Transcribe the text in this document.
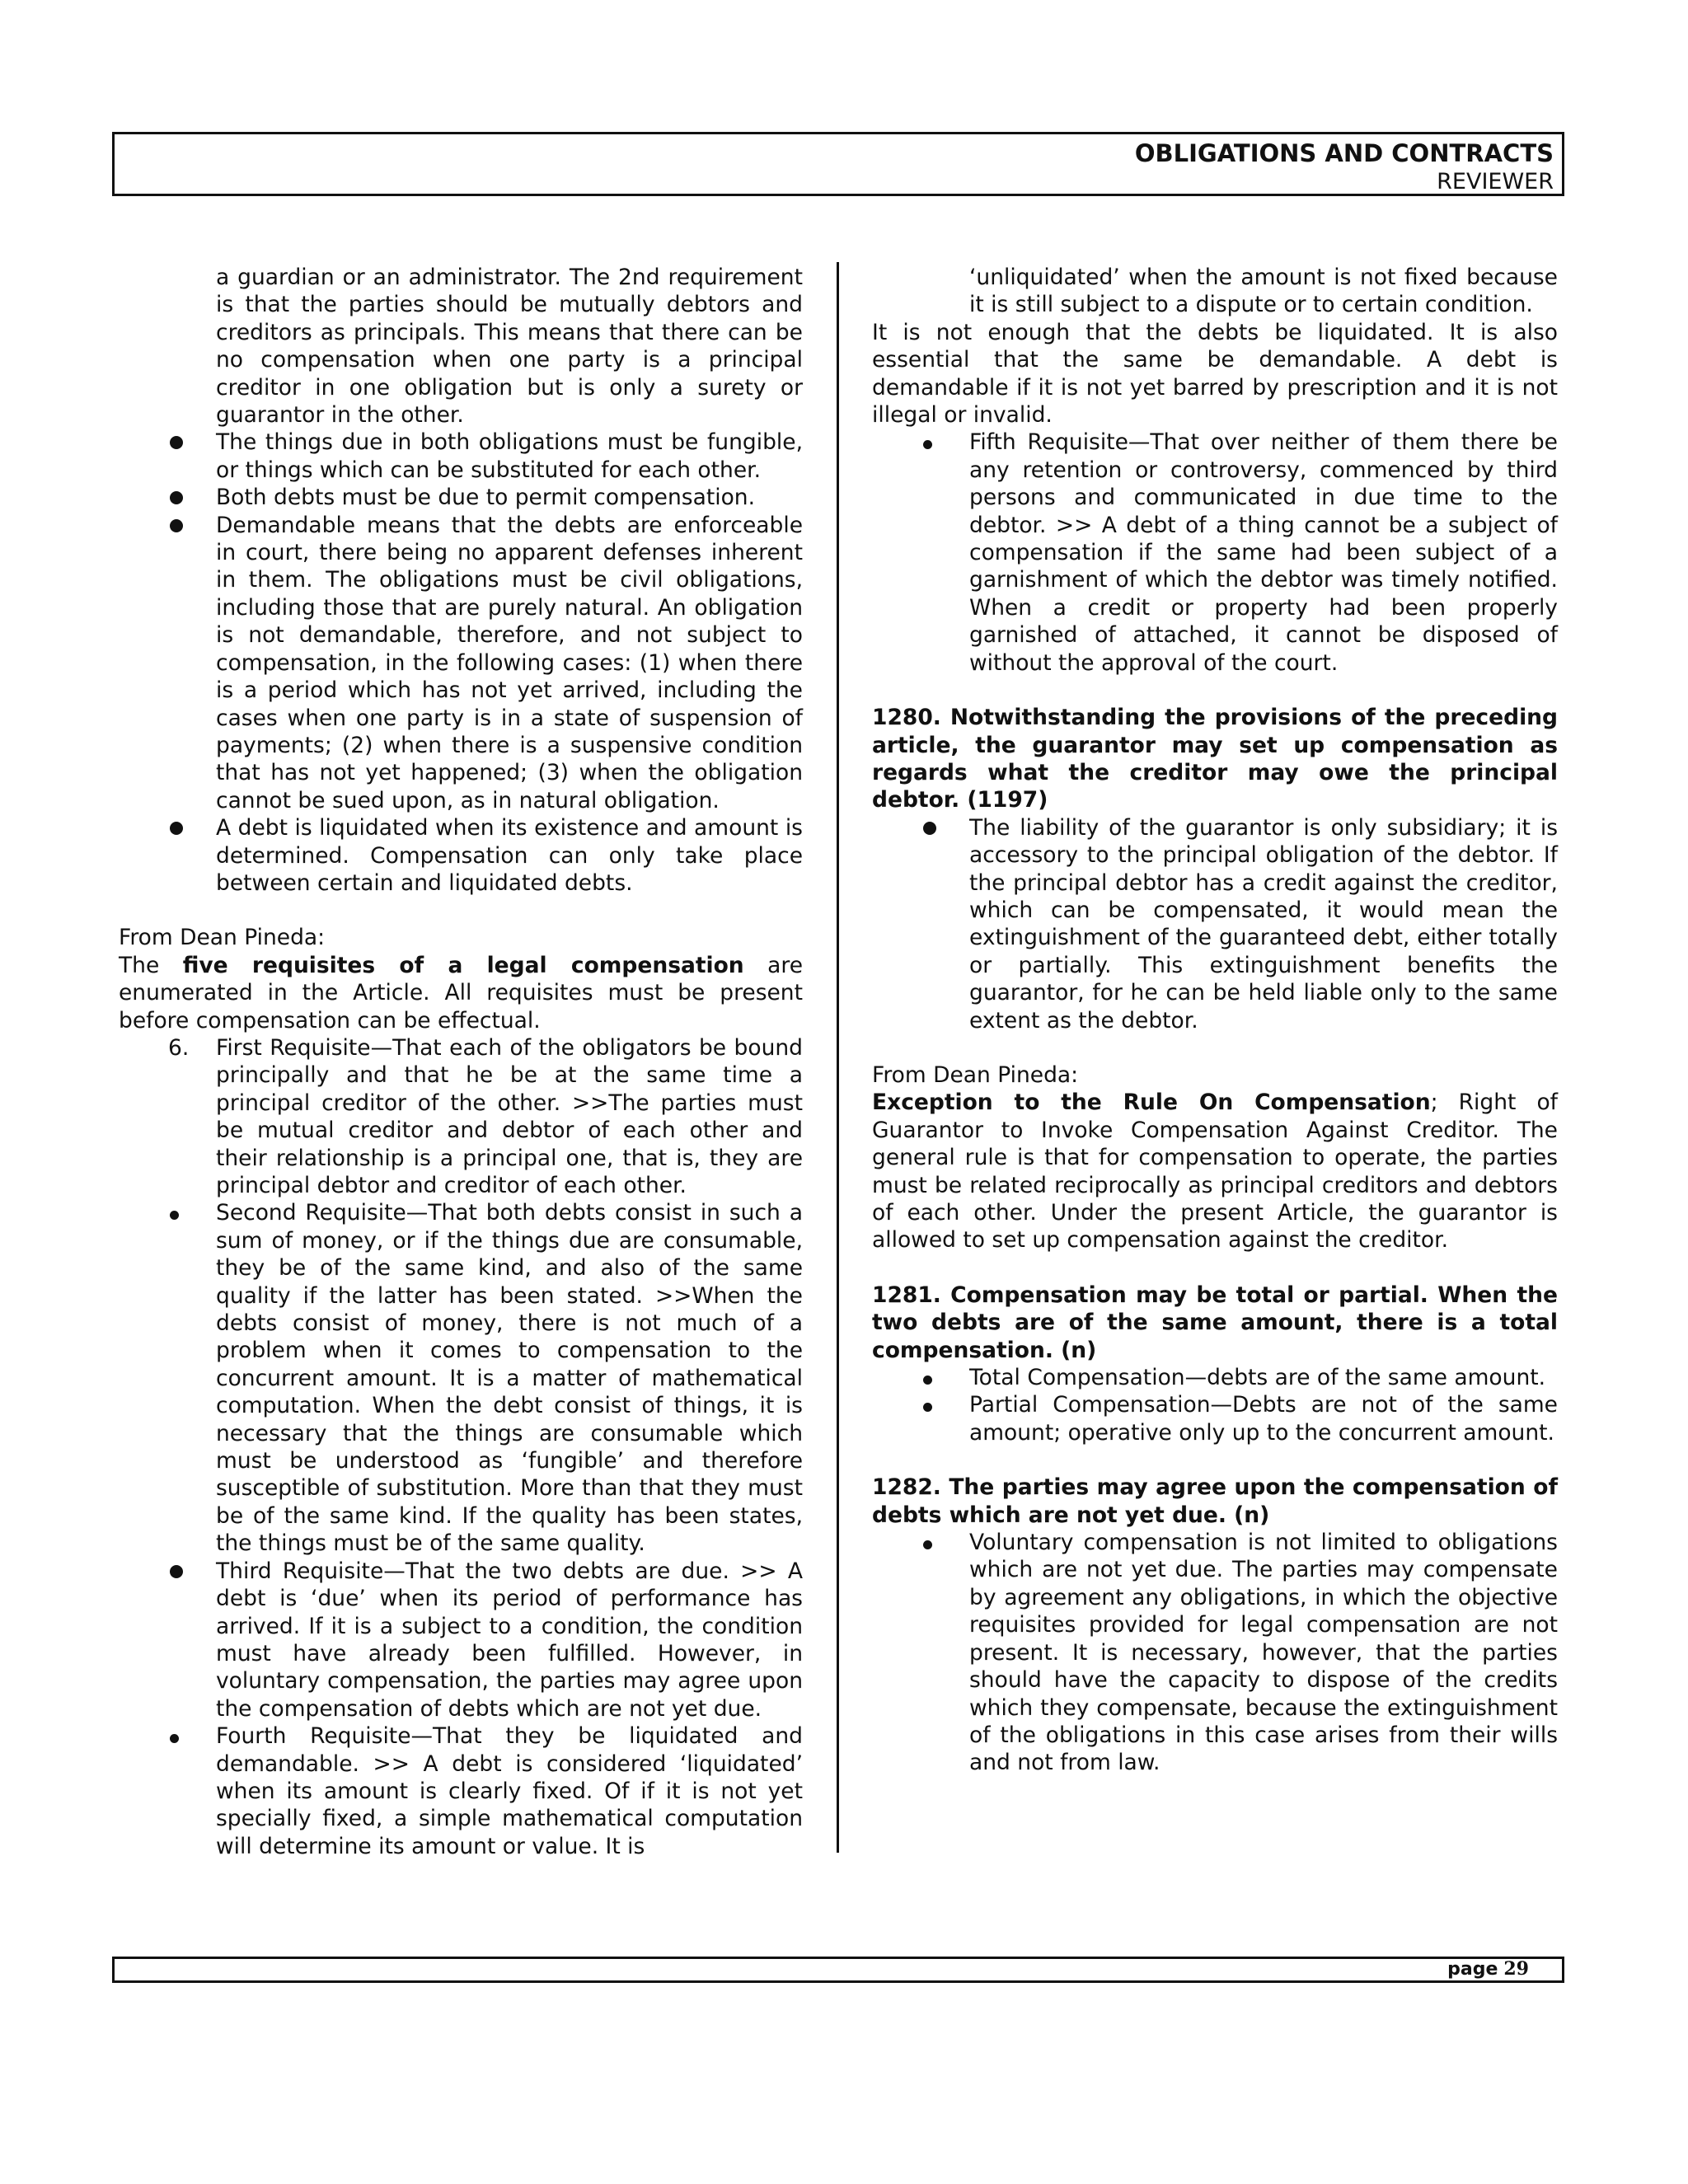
OBLIGATIONS AND CONTRACTS
REVIEWER

a guardian or an administrator. The 2nd requirement is that the parties should be mutually debtors and creditors as principals. This means that there can be no compensation when one party is a principal creditor in one obligation but is only a surety or guarantor in the other.

The things due in both obligations must be fungible, or things which can be substituted for each other.
Both debts must be due to permit compensation.
Demandable means that the debts are enforceable in court, there being no apparent defenses inherent in them. The obligations must be civil obligations, including those that are purely natural. An obligation is not demandable, therefore, and not subject to compensation, in the following cases: (1) when there is a period which has not yet arrived, including the cases when one party is in a state of suspension of payments; (2) when there is a suspensive condition that has not yet happened; (3) when the obligation cannot be sued upon, as in natural obligation.
A debt is liquidated when its existence and amount is determined. Compensation can only take place between certain and liquidated debts.

From Dean Pineda:

The five requisites of a legal compensation are enumerated in the Article. All requisites must be present before compensation can be effectual.

6. First Requisite—That each of the obligators be bound principally and that he be at the same time a principal creditor of the other. >>The parties must be mutual creditor and debtor of each other and their relationship is a principal one, that is, they are principal debtor and creditor of each other.
Second Requisite—That both debts consist in such a sum of money, or if the things due are consumable, they be of the same kind, and also of the same quality if the latter has been stated. >>When the debts consist of money, there is not much of a problem when it comes to compensation to the concurrent amount. It is a matter of mathematical computation. When the debt consist of things, it is necessary that the things are consumable which must be understood as ‘fungible’ and therefore susceptible of substitution. More than that they must be of the same kind. If the quality has been states, the things must be of the same quality.
Third Requisite—That the two debts are due. >> A debt is ‘due’ when its period of performance has arrived. If it is a subject to a condition, the condition must have already been fulfilled. However, in voluntary compensation, the parties may agree upon the compensation of debts which are not yet due.
Fourth Requisite—That they be liquidated and demandable. >> A debt is considered ‘liquidated’ when its amount is clearly fixed. Of if it is not yet specially fixed, a simple mathematical computation will determine its amount or value. It is

‘unliquidated’ when the amount is not fixed because it is still subject to a dispute or to certain condition.

It is not enough that the debts be liquidated. It is also essential that the same be demandable. A debt is demandable if it is not yet barred by prescription and it is not illegal or invalid.

Fifth Requisite—That over neither of them there be any retention or controversy, commenced by third persons and communicated in due time to the debtor. >> A debt of a thing cannot be a subject of compensation if the same had been subject of a garnishment of which the debtor was timely notified. When a credit or property had been properly garnished of attached, it cannot be disposed of without the approval of the court.

1280. Notwithstanding the provisions of the preceding article, the guarantor may set up compensation as regards what the creditor may owe the principal debtor. (1197)

The liability of the guarantor is only subsidiary; it is accessory to the principal obligation of the debtor. If the principal debtor has a credit against the creditor, which can be compensated, it would mean the extinguishment of the guaranteed debt, either totally or partially. This extinguishment benefits the guarantor, for he can be held liable only to the same extent as the debtor.

From Dean Pineda:

Exception to the Rule On Compensation; Right of Guarantor to Invoke Compensation Against Creditor. The general rule is that for compensation to operate, the parties must be related reciprocally as principal creditors and debtors of each other. Under the present Article, the guarantor is allowed to set up compensation against the creditor.

1281. Compensation may be total or partial. When the two debts are of the same amount, there is a total compensation. (n)

Total Compensation—debts are of the same amount.
Partial Compensation—Debts are not of the same amount; operative only up to the concurrent amount.

1282. The parties may agree upon the compensation of debts which are not yet due. (n)

Voluntary compensation is not limited to obligations which are not yet due. The parties may compensate by agreement any obligations, in which the objective requisites provided for legal compensation are not present. It is necessary, however, that the parties should have the capacity to dispose of the credits which they compensate, because the extinguishment of the obligations in this case arises from their wills and not from law.
page 29
